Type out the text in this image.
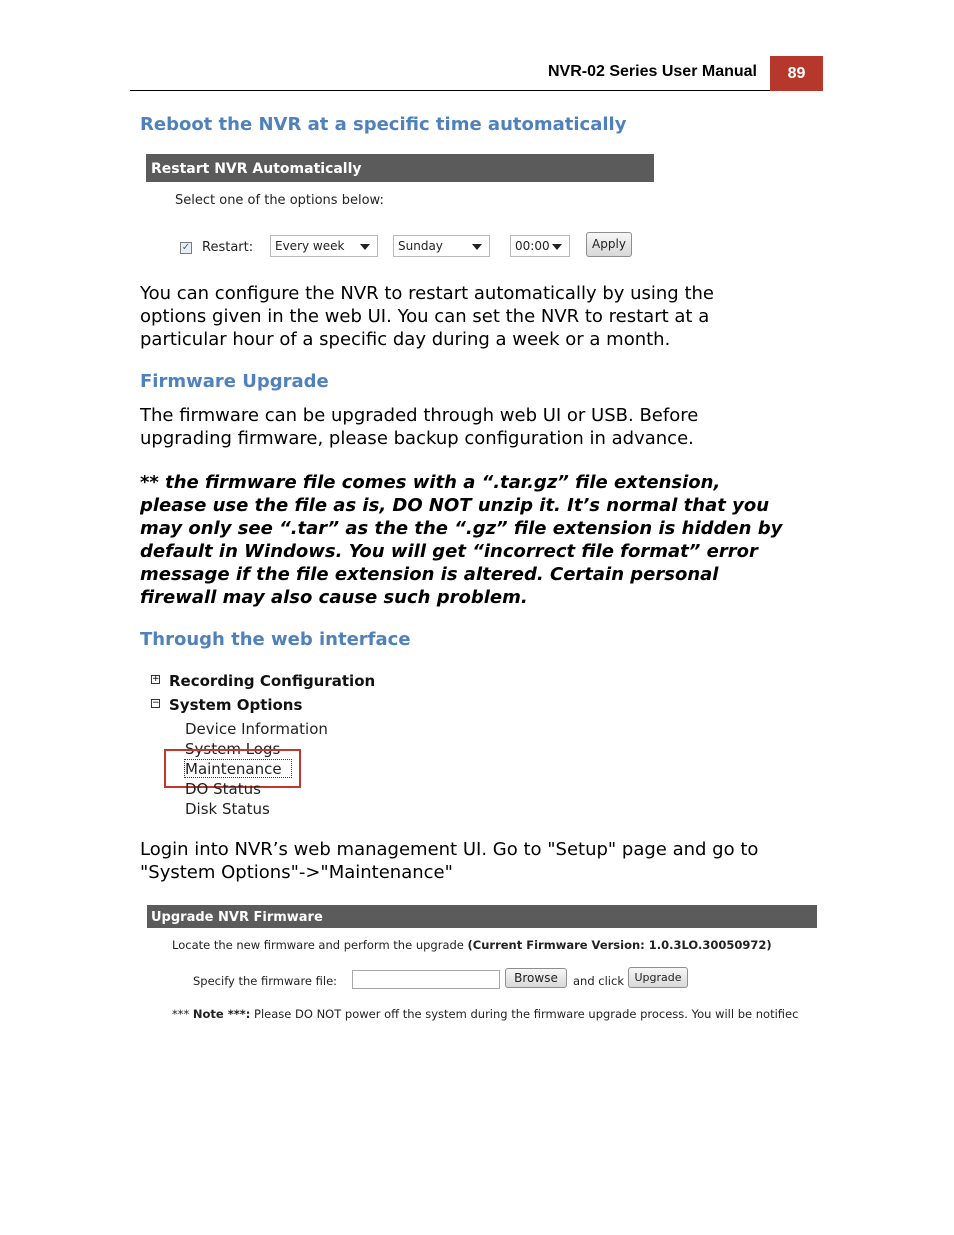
NVR-02 Series User Manual	89
Reboot the NVR at a specific time automatically
Restart NVR Automatically
Select one of the options below:
✓ Restart:	Every week	Sunday	00:00	Apply
You can configure the NVR to restart automatically by using the
options given in the web UI. You can set the NVR to restart at a
particular hour of a specific day during a week or a month.
Firmware Upgrade
The firmware can be upgraded through web UI or USB. Before
upgrading firmware, please backup configuration in advance.
** the firmware file comes with a “.tar.gz” file extension,
please use the file as is, DO NOT unzip it. It’s normal that you
may only see “.tar” as the the “.gz” file extension is hidden by
default in Windows. You will get “incorrect file format” error
message if the file extension is altered. Certain personal
firewall may also cause such problem.
Through the web interface
+ Recording Configuration
− System Options
Device Information
System Logs
Maintenance
DO Status
Disk Status
Login into NVR’s web management UI. Go to "Setup" page and go to
"System Options"->"Maintenance"
Upgrade NVR Firmware
Locate the new firmware and perform the upgrade (Current Firmware Version: 1.0.3LO.30050972)
Specify the firmware file:	Browse	and click Upgrade
*** Note ***: Please DO NOT power off the system during the firmware upgrade process. You will be notifiec
